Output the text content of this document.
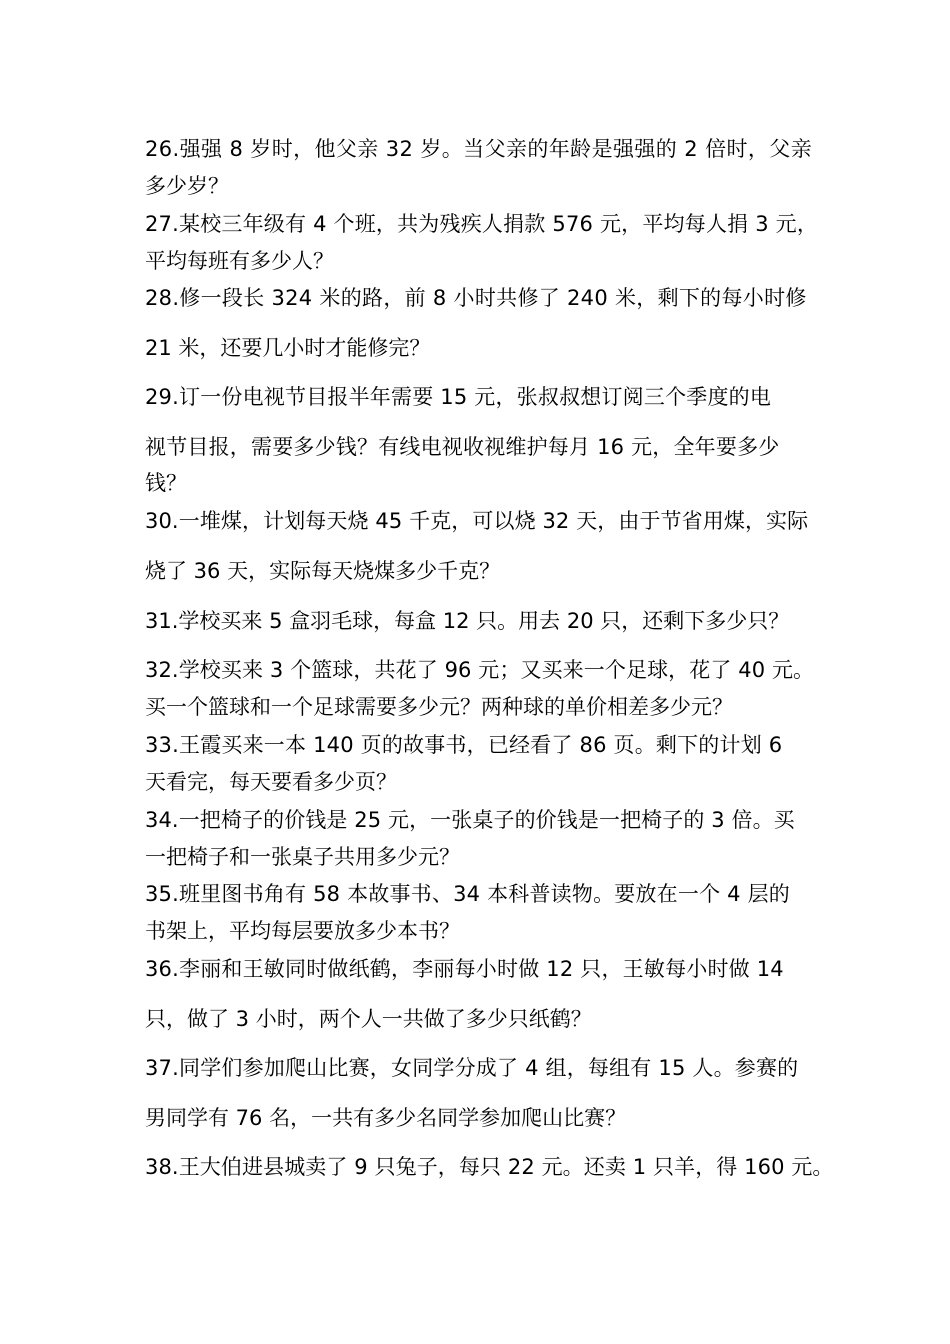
26.强强 8 岁时，他父亲 32 岁。当父亲的年龄是强强的 2 倍时，父亲

多少岁？

27.某校三年级有 4 个班，共为残疾人捐款 576 元，平均每人捐 3 元，

平均每班有多少人？

28.修一段长 324 米的路，前 8 小时共修了 240 米，剩下的每小时修

21 米，还要几小时才能修完？

29.订一份电视节目报半年需要 15 元，张叔叔想订阅三个季度的电

视节目报，需要多少钱？有线电视收视维护每月 16 元，全年要多少

钱？

30.一堆煤，计划每天烧 45 千克，可以烧 32 天，由于节省用煤，实际

烧了 36 天，实际每天烧煤多少千克？

31.学校买来 5 盒羽毛球，每盒 12 只。用去 20 只，还剩下多少只？

32.学校买来 3 个篮球，共花了 96 元；又买来一个足球，花了 40 元。

买一个篮球和一个足球需要多少元？两种球的单价相差多少元？

33.王霞买来一本 140 页的故事书，已经看了 86 页。剩下的计划 6

天看完，每天要看多少页？

34.一把椅子的价钱是 25 元，一张桌子的价钱是一把椅子的 3 倍。买

一把椅子和一张桌子共用多少元？

35.班里图书角有 58 本故事书、34 本科普读物。要放在一个 4 层的

书架上，平均每层要放多少本书？

36.李丽和王敏同时做纸鹤，李丽每小时做 12 只，王敏每小时做 14

只，做了 3 小时，两个人一共做了多少只纸鹤？

37.同学们参加爬山比赛，女同学分成了 4 组，每组有 15 人。参赛的

男同学有 76 名，一共有多少名同学参加爬山比赛？

38.王大伯进县城卖了 9 只兔子，每只 22 元。还卖 1 只羊，得 160 元。
